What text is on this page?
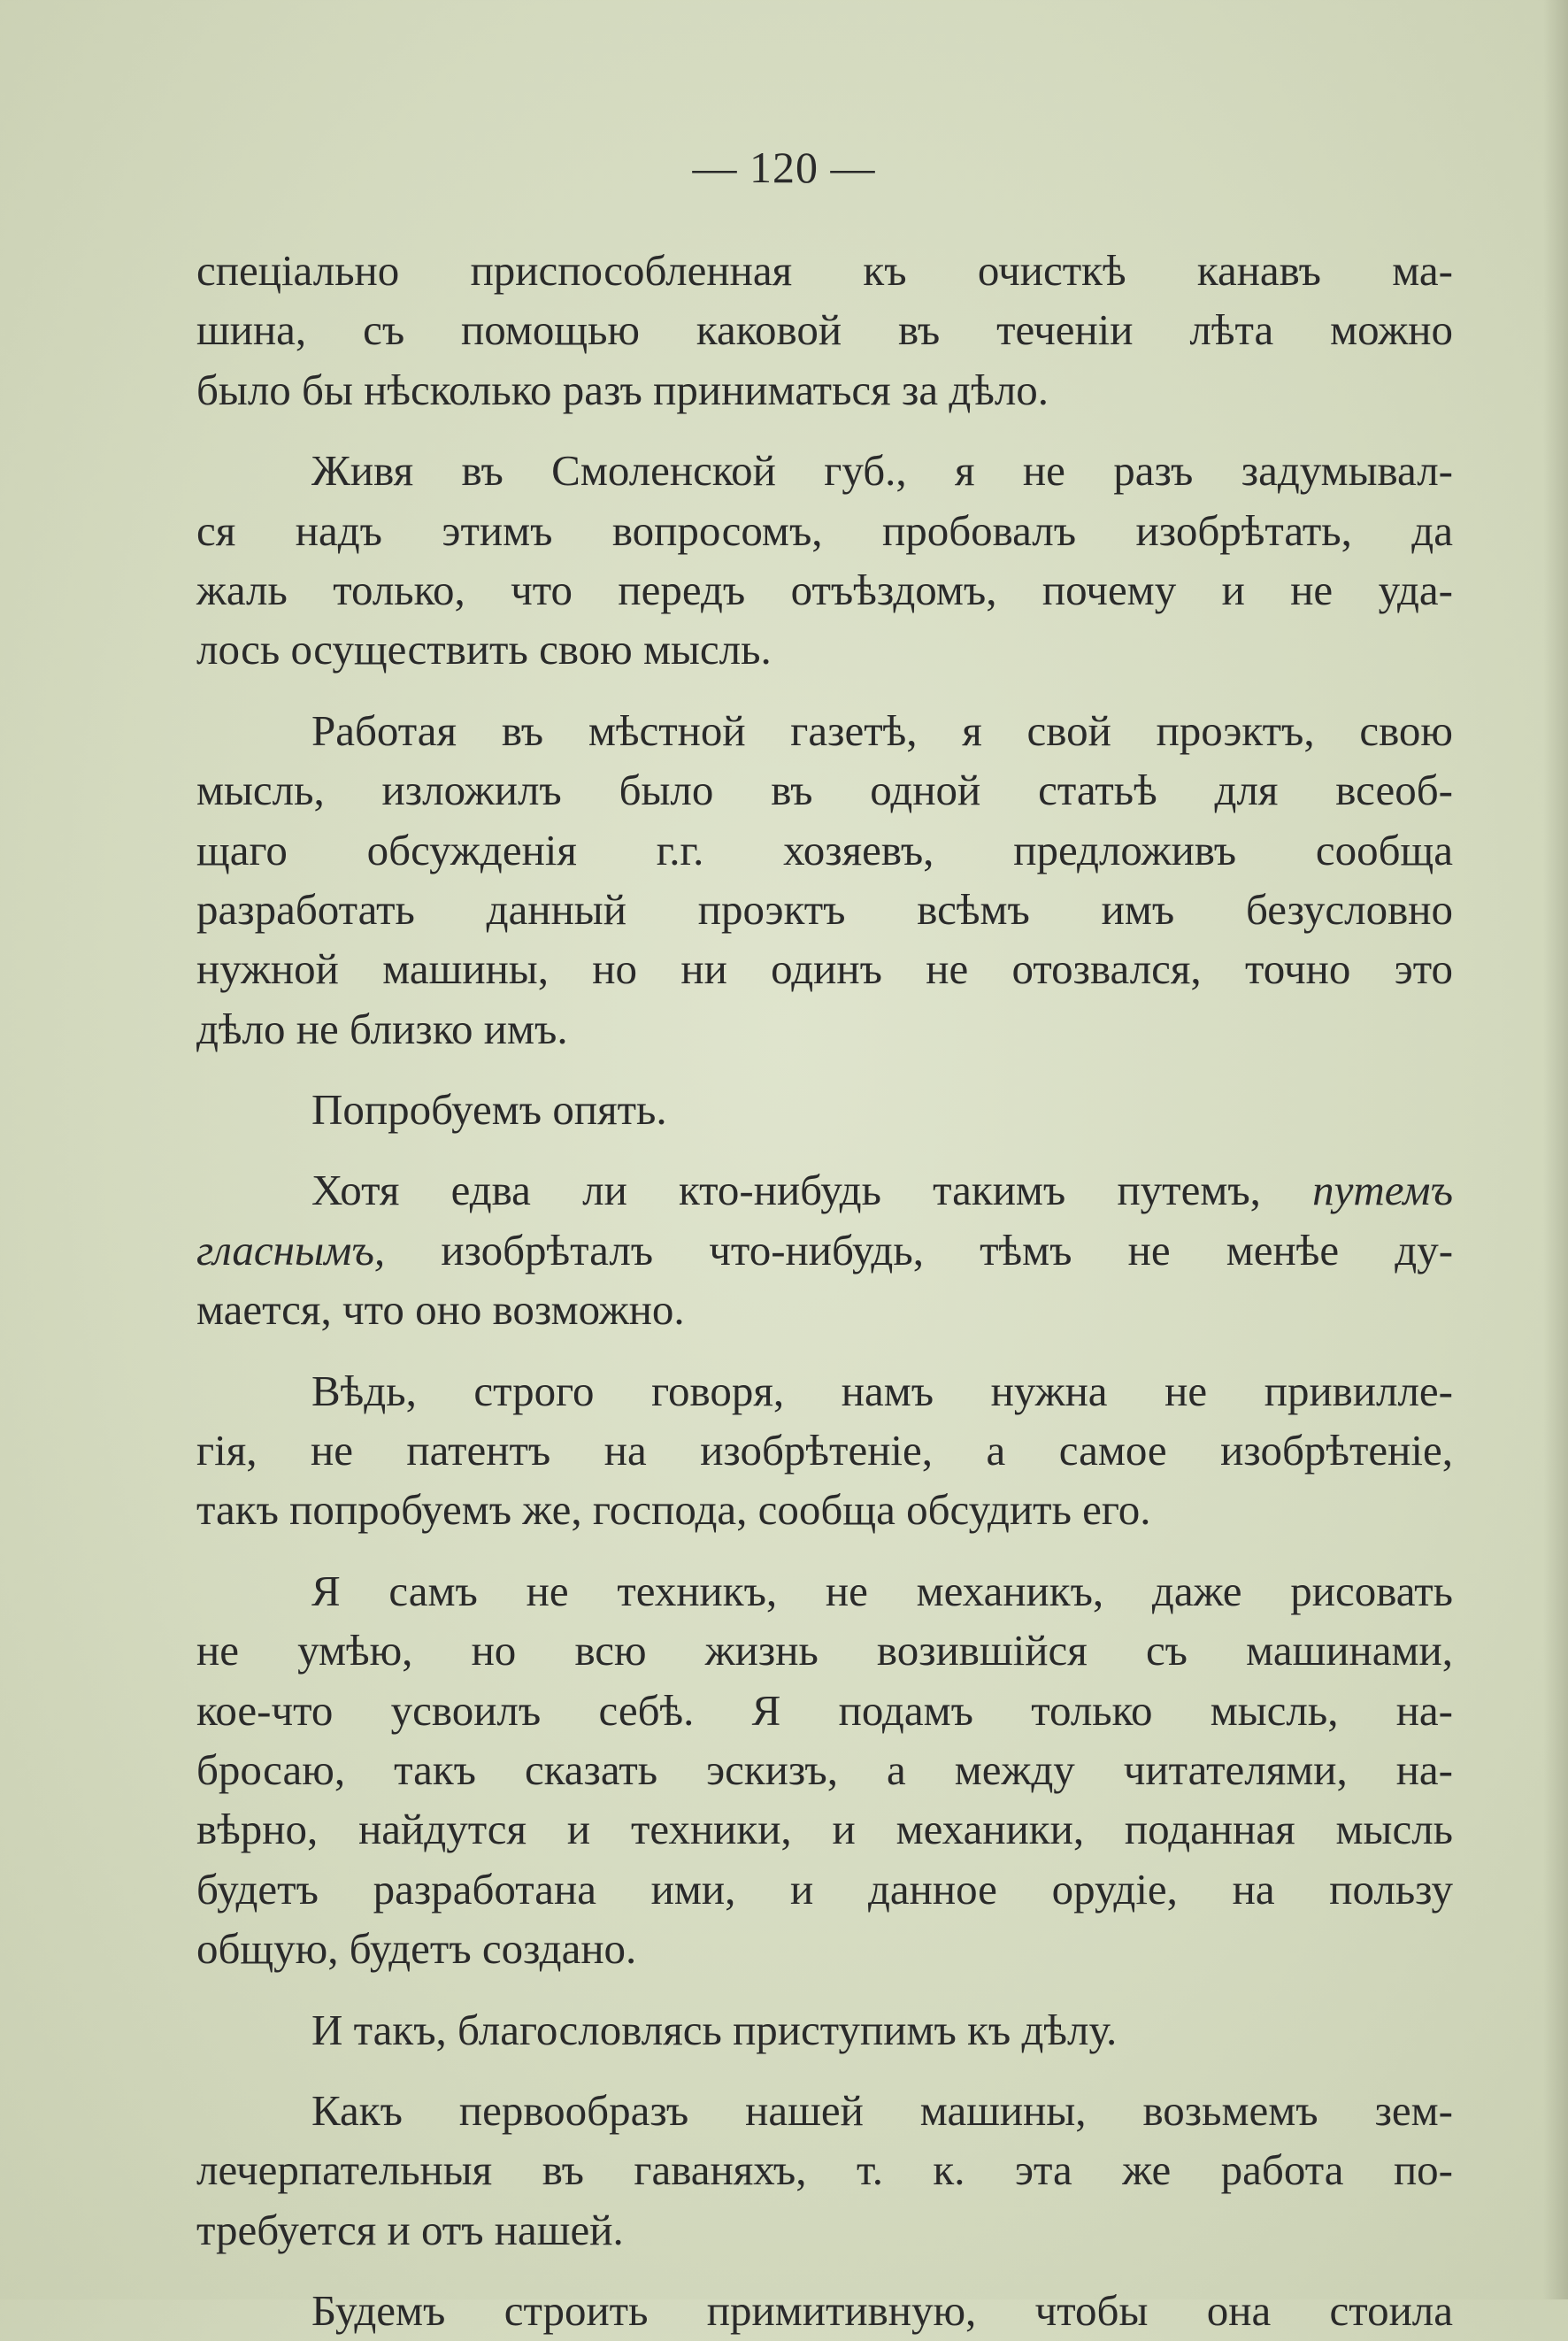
— 120 —
спеціально приспособленная къ очисткѣ канавъ ма-
шина, съ помощью каковой въ теченіи лѣта можно
было бы нѣсколько разъ приниматься за дѣло.
Живя въ Смоленской губ., я не разъ задумывал-
ся надъ этимъ вопросомъ, пробовалъ изобрѣтать, да
жаль только, что передъ отъѣздомъ, почему и не уда-
лось осуществить свою мысль.
Работая въ мѣстной газетѣ, я свой проэктъ, свою
мысль, изложилъ было въ одной статьѣ для всеоб-
щаго обсужденія г.г. хозяевъ, предложивъ сообща
разработать данный проэктъ всѣмъ имъ безусловно
нужной машины, но ни одинъ не отозвался, точно это
дѣло не близко имъ.
Попробуемъ опять.
Хотя едва ли кто-нибудь такимъ путемъ, путемъ
гласнымъ, изобрѣталъ что-нибудь, тѣмъ не менѣе ду-
мается, что оно возможно.
Вѣдь, строго говоря, намъ нужна не привилле-
гія, не патентъ на изобрѣтеніе, а самое изобрѣтеніе,
такъ попробуемъ же, господа, сообща обсудить его.
Я самъ не техникъ, не механикъ, даже рисовать
не умѣю, но всю жизнь возившійся съ машинами,
кое-что усвоилъ себѣ. Я подамъ только мысль, на-
бросаю, такъ сказать эскизъ, а между читателями, на-
вѣрно, найдутся и техники, и механики, поданная мысль
будетъ разработана ими, и данное орудіе, на пользу
общую, будетъ создано.
И такъ, благословлясь приступимъ къ дѣлу.
Какъ первообразъ нашей машины, возьмемъ зем-
лечерпательныя въ гаваняхъ, т. к. эта же работа по-
требуется и отъ нашей.
Будемъ строить примитивную, чтобы она стоила
